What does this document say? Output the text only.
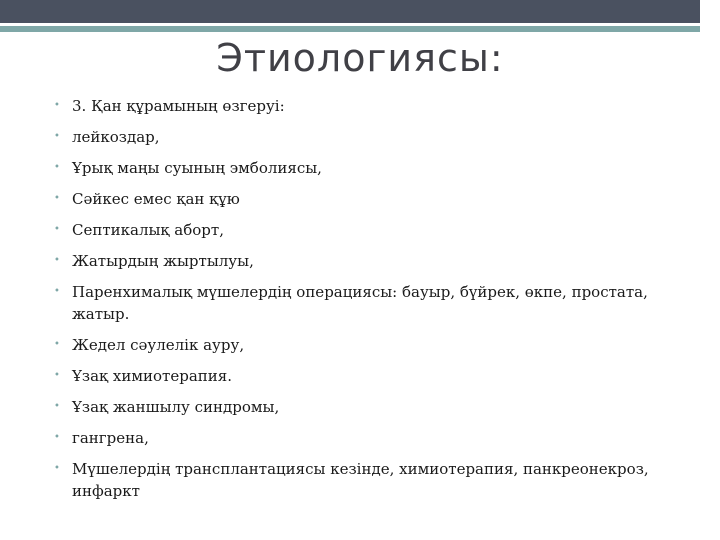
Этиологиясы:
• 3. Қан құрамының өзгеруі:
• лейкоздар,
• Ұрық маңы суының эмболиясы,
• Сәйкес емес қан құю
• Септикалық аборт,
• Жатырдың жыртылуы,
• Паренхималық мүшелердің операциясы: бауыр, бүйрек, өкпе, простата, жатыр.
• Жедел сәулелік ауру,
• Ұзақ химиотерапия.
• Ұзақ жаншылу синдромы,
• гангрена,
• Мүшелердің трансплантациясы кезінде, химиотерапия, панкреонекроз, инфаркт
